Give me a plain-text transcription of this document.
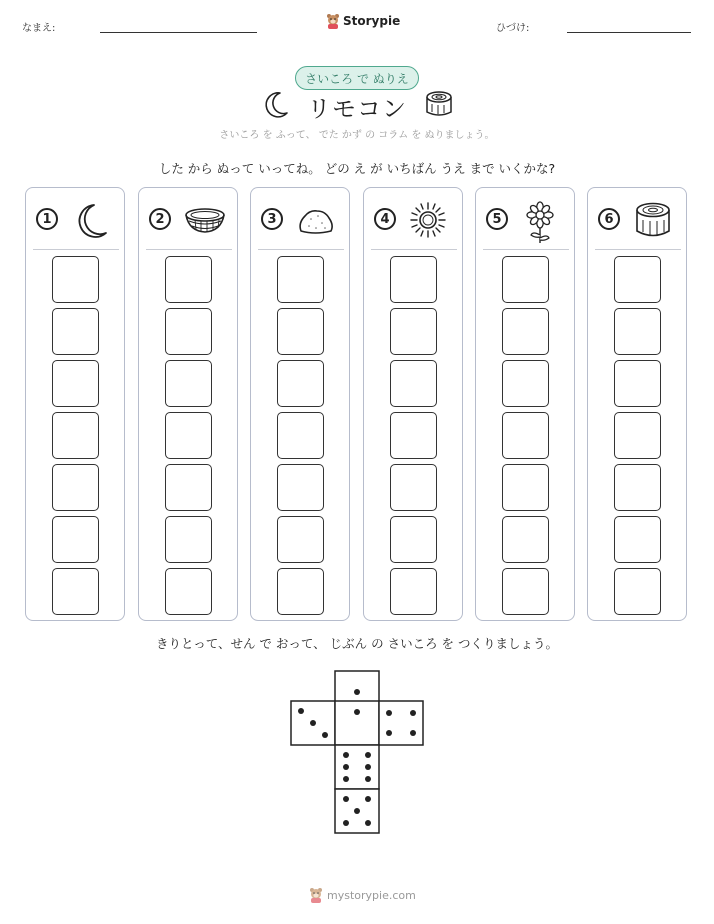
なまえ:
Storypie
ひづけ:
さいころ で ぬりえ
リモコン
さいころ を ふって、 でた かず の コラム を ぬりましょう。
した から ぬって いってね。 どの え が いちばん うえ まで いくかな?
1	2	3	4	5	6
きりとって、せん で おって、 じぶん の さいころ を つくりましょう。
mystorypie.com
